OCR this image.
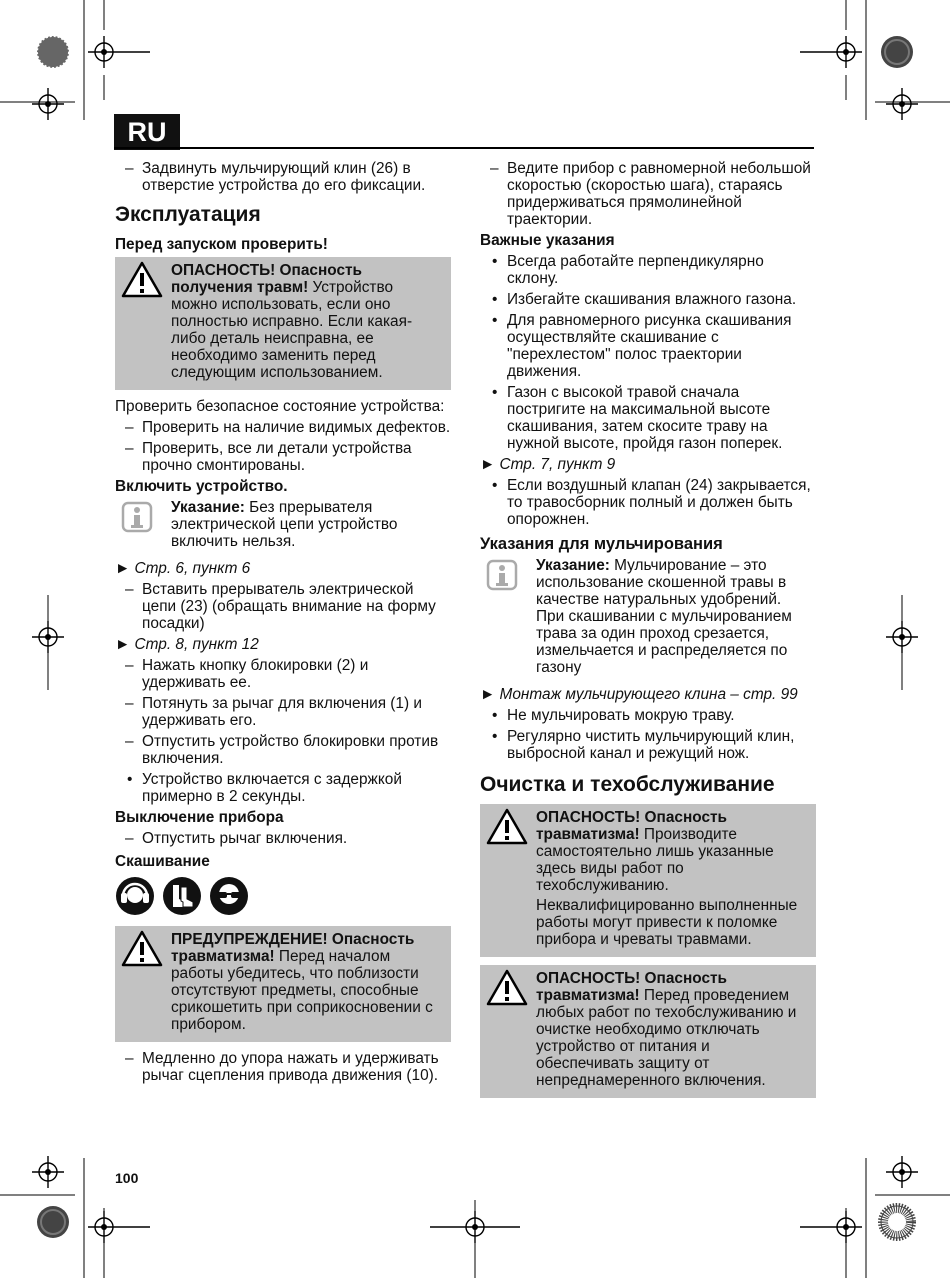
RU

– Задвинуть мульчирующий клин (26) в отверстие устройства до его фиксации.

Эксплуатация
Перед запуском проверить!

ОПАСНОСТЬ! Опасность получения травм! Устройство можно использовать, если оно полностью исправно. Если какая-либо деталь неисправна, ее необходимо заменить перед следующим использованием.

Проверить безопасное состояние устройства:

– Проверить на наличие видимых дефектов.

– Проверить, все ли детали устройства прочно смонтированы.

Включить устройство.

Указание: Без прерывателя электрической цепи устройство включить нельзя.

► Стр. 6, пункт 6

– Вставить прерыватель электрической цепи (23) (обращать внимание на форму посадки)

► Стр. 8, пункт 12

– Нажать кнопку блокировки (2) и удерживать ее.

– Потянуть за рычаг для включения (1) и удерживать его.

– Отпустить устройство блокировки против включения.

• Устройство включается с задержкой примерно в 2 секунды.

Выключение прибора

– Отпустить рычаг включения.

Скашивание

ПРЕДУПРЕЖДЕНИЕ! Опасность травматизма! Перед началом работы убедитесь, что поблизости отсутствуют предметы, способные срикошетить при соприкосновении с прибором.

– Медленно до упора нажать и удерживать рычаг сцепления привода движения (10).

– Ведите прибор с равномерной небольшой скоростью (скоростью шага), стараясь придерживаться прямолинейной траектории.

Важные указания

• Всегда работайте перпендикулярно склону.

• Избегайте скашивания влажного газона.

• Для равномерного рисунка скашивания осуществляйте скашивание с "перехлестом" полос траектории движения.

• Газон с высокой травой сначала постригите на максимальной высоте скашивания, затем скосите траву на нужной высоте, пройдя газон поперек.

► Стр. 7, пункт 9

• Если воздушный клапан (24) закрывается, то травосборник полный и должен быть опорожнен.

Указания для мульчирования

Указание: Мульчирование – это использование скошенной травы в качестве натуральных удобрений. При скашивании с мульчированием трава за один проход срезается, измельчается и распределяется по газону

► Монтаж мульчирующего клина – стр. 99

• Не мульчировать мокрую траву.

• Регулярно чистить мульчирующий клин, выбросной канал и режущий нож.

Очистка и техобслуживание

ОПАСНОСТЬ! Опасность травматизма! Производите самостоятельно лишь указанные здесь виды работ по техобслуживанию.

Неквалифицированно выполненные работы могут привести к поломке прибора и чреваты травмами.

ОПАСНОСТЬ! Опасность травматизма! Перед проведением любых работ по техобслуживанию и очистке необходимо отключать устройство от питания и обеспечивать защиту от непреднамеренного включения.

100
